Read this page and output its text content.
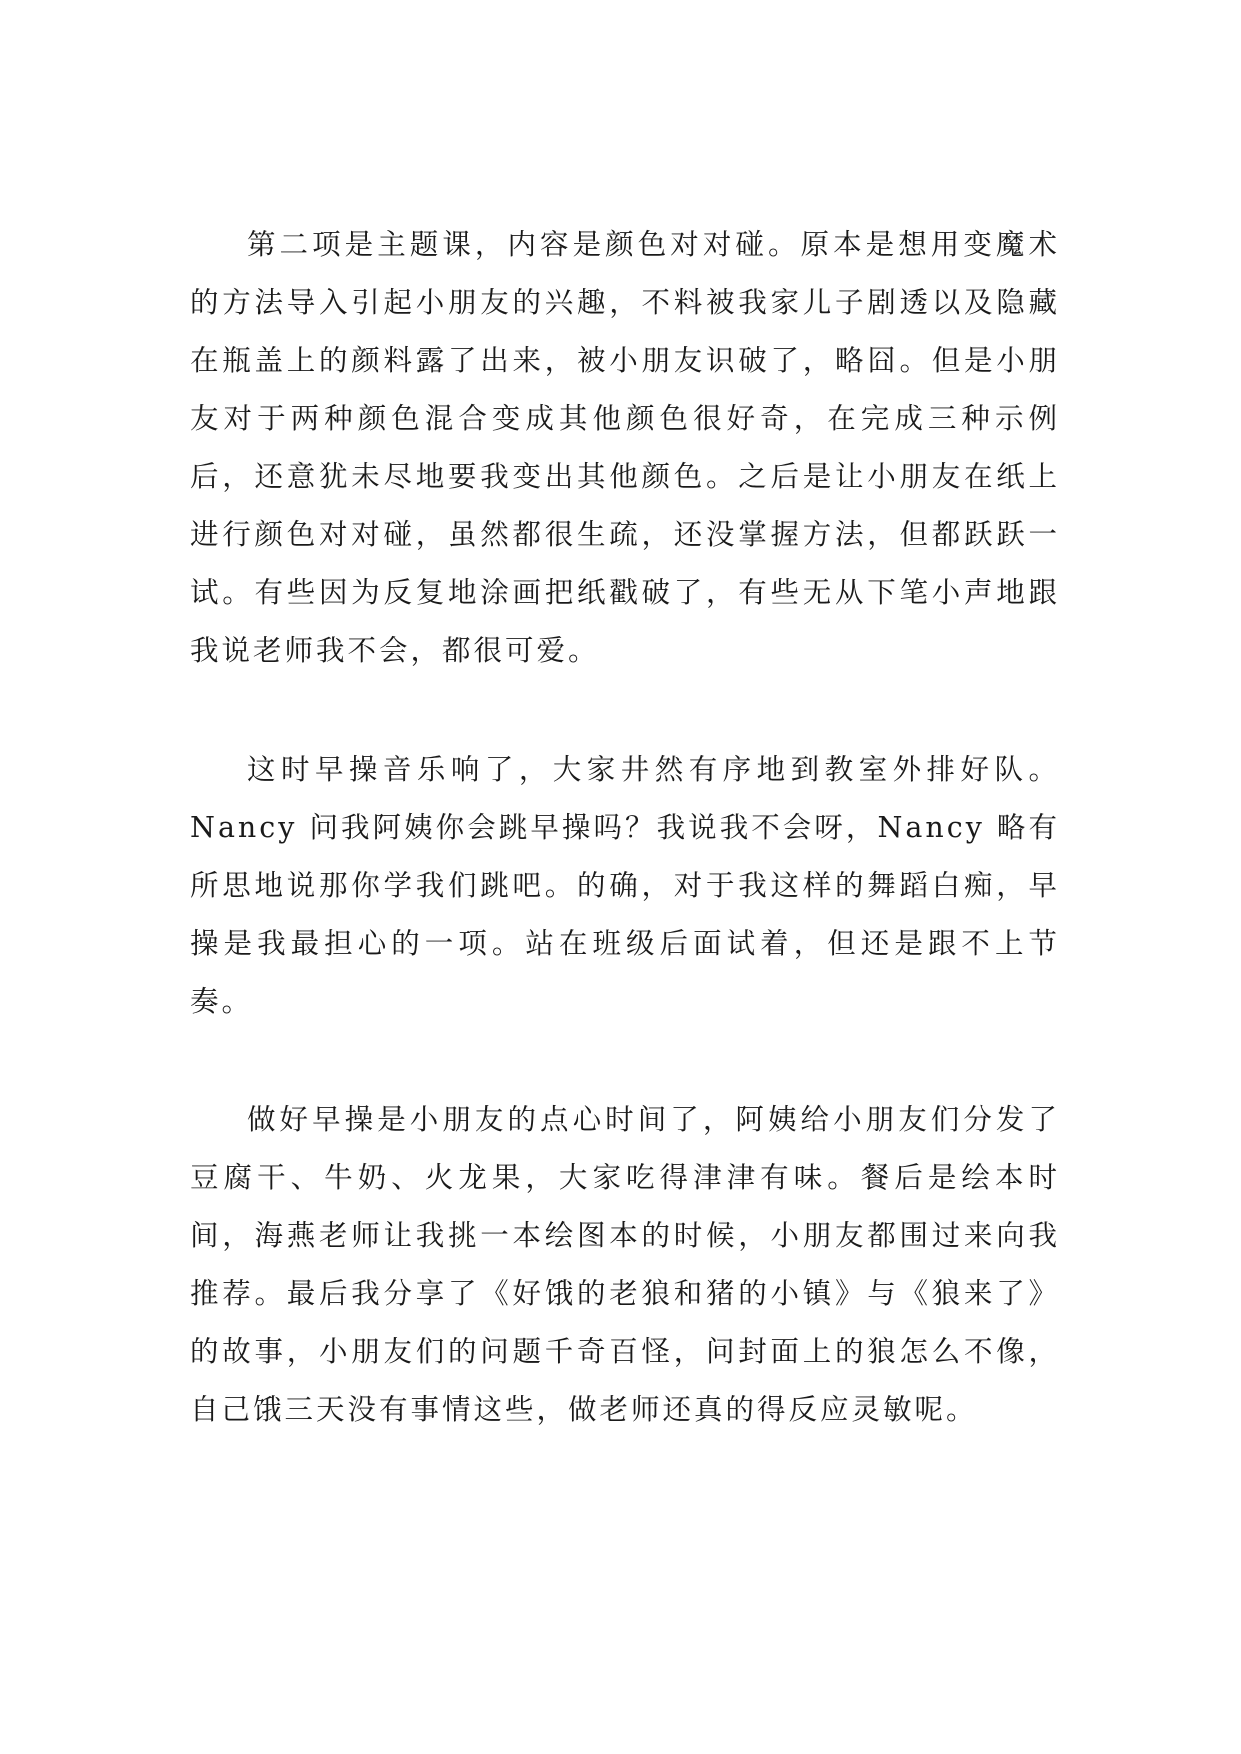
第二项是主题课，内容是颜色对对碰。原本是想用变魔术的方法导入引起小朋友的兴趣，不料被我家儿子剧透以及隐藏在瓶盖上的颜料露了出来，被小朋友识破了，略囧。但是小朋友对于两种颜色混合变成其他颜色很好奇，在完成三种示例后，还意犹未尽地要我变出其他颜色。之后是让小朋友在纸上进行颜色对对碰，虽然都很生疏，还没掌握方法，但都跃跃一试。有些因为反复地涂画把纸戳破了，有些无从下笔小声地跟我说老师我不会，都很可爱。

这时早操音乐响了，大家井然有序地到教室外排好队。Nancy 问我阿姨你会跳早操吗？我说我不会呀，Nancy 略有所思地说那你学我们跳吧。的确，对于我这样的舞蹈白痴，早操是我最担心的一项。站在班级后面试着，但还是跟不上节奏。

做好早操是小朋友的点心时间了，阿姨给小朋友们分发了豆腐干、牛奶、火龙果，大家吃得津津有味。餐后是绘本时间，海燕老师让我挑一本绘图本的时候，小朋友都围过来向我推荐。最后我分享了《好饿的老狼和猪的小镇》与《狼来了》的故事，小朋友们的问题千奇百怪，问封面上的狼怎么不像，自己饿三天没有事情这些，做老师还真的得反应灵敏呢。
